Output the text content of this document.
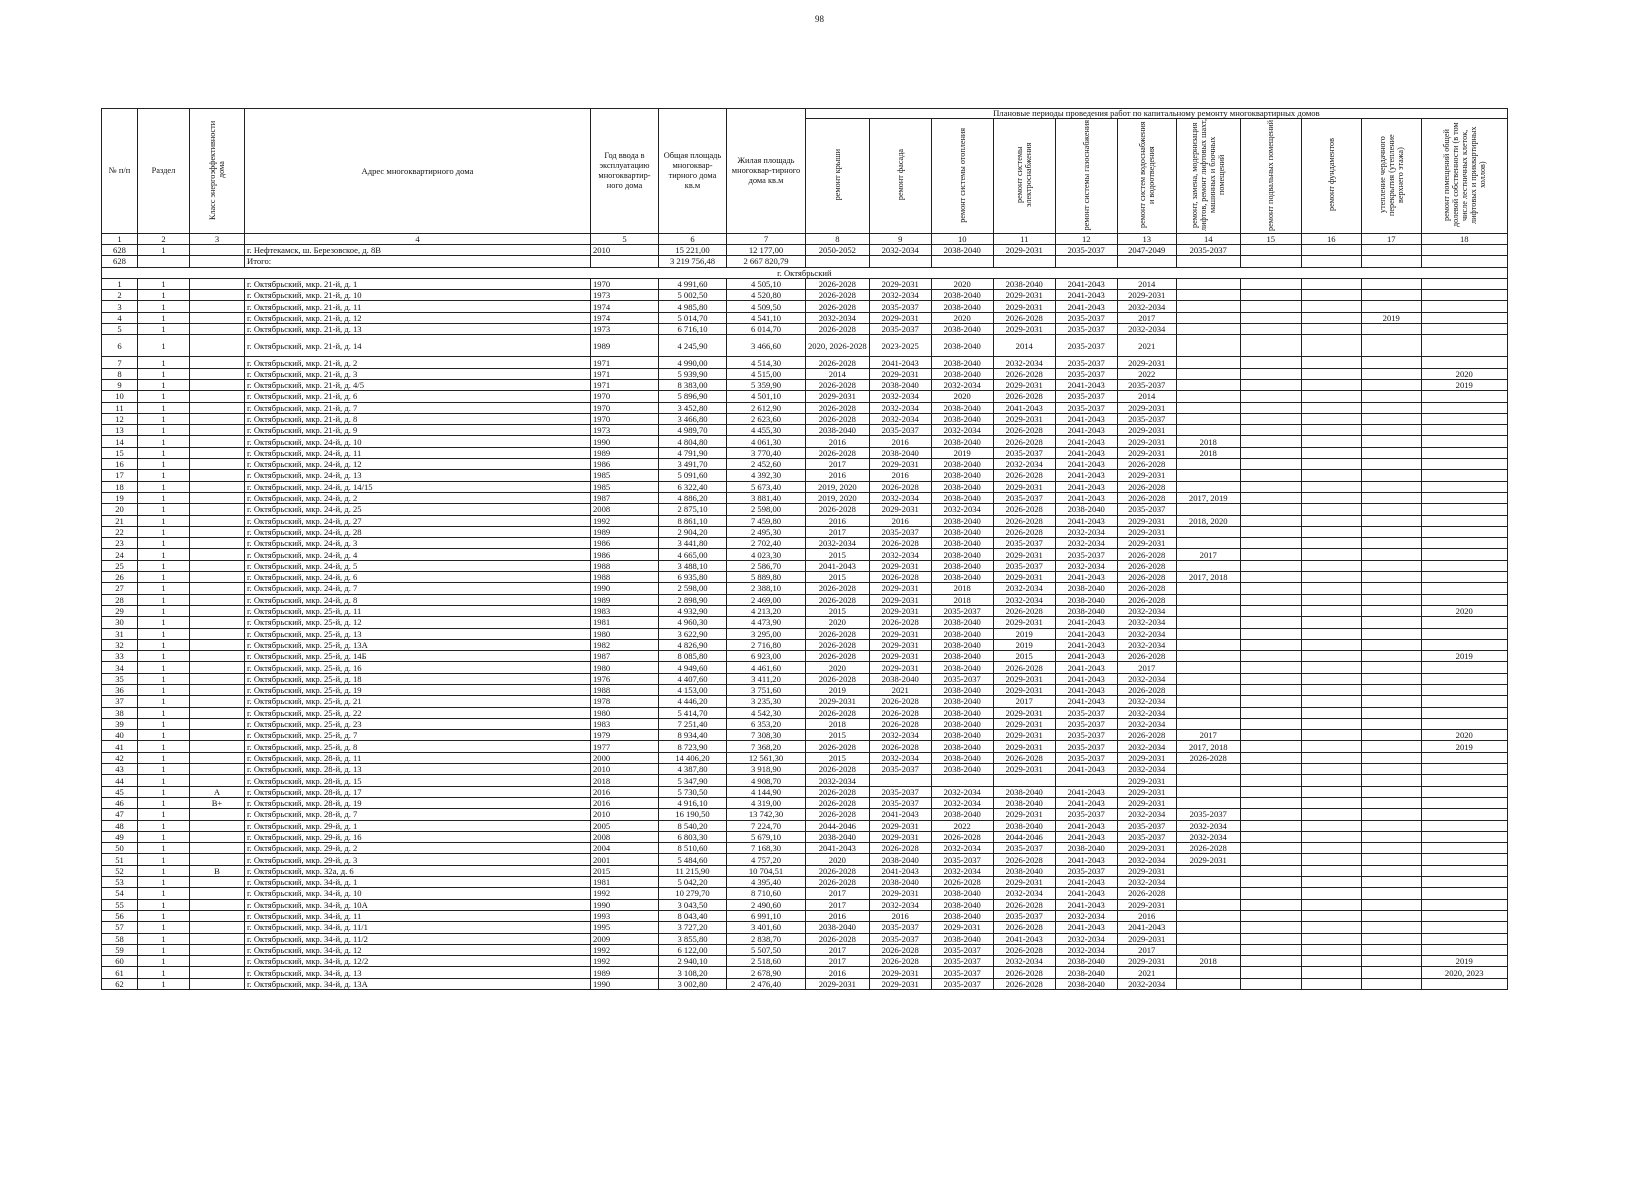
98
№ п/п	Раздел	Класс энергоэффективности дома	Адрес многоквартирного дома	Год ввода в эксплуатацию многоквартир-ного дома	Общая площадь многоквар-тирного дома кв.м	Жилая площадь многоквар-тирного дома кв.м	Плановые периоды проведения работ по капитальному ремонту многоквартирных домов										
							ремонт крыши	ремонт фасада	ремонт системы отопления	ремонт системы электроснабжения	ремонт системы газоснабжения	ремонт систем водоснабжения и водоотведения	ремонт, замена, модернизация лифтов, ремонт лифтовых шахт, машинных и блочных помещений	ремонт подвальных помещений	ремонт фундаментов	утепление чердачного перекрытия (утепление верхнего этажа)	ремонт помещений общей долевой собственности (в том числе лестничных клеток, лифтовых и приквартирных холлов)
1	2	3	4	5	6	7	8	9	10	11	12	13	14	15	16	17	18
628	1		г. Нефтекамск, ш. Березовское, д. 8В	2010	15 221,00	12 177,00	2050-2052	2032-2034	2038-2040	2029-2031	2035-2037	2047-2049	2035-2037				
628			Итого:		3 219 756,48	2 667 820,79											
г. Октябрьский																	
1	1		г. Октябрьский, мкр. 21-й, д. 1	1970	4 991,60	4 505,10	2026-2028	2029-2031	2020	2038-2040	2041-2043	2014					
2	1		г. Октябрьский, мкр. 21-й, д. 10	1973	5 002,50	4 520,80	2026-2028	2032-2034	2038-2040	2029-2031	2041-2043	2029-2031					
3	1		г. Октябрьский, мкр. 21-й, д. 11	1974	4 985,80	4 509,50	2026-2028	2035-2037	2038-2040	2029-2031	2041-2043	2032-2034					
4	1		г. Октябрьский, мкр. 21-й, д. 12	1974	5 014,70	4 541,10	2032-2034	2029-2031	2020	2026-2028	2035-2037	2017				2019	
5	1		г. Октябрьский, мкр. 21-й, д. 13	1973	6 716,10	6 014,70	2026-2028	2035-2037	2038-2040	2029-2031	2035-2037	2032-2034					
6	1		г. Октябрьский, мкр. 21-й, д. 14	1989	4 245,90	3 466,60	2020, 2026-2028	2023-2025	2038-2040	2014	2035-2037	2021					
7	1		г. Октябрьский, мкр. 21-й, д. 2	1971	4 990,00	4 514,30	2026-2028	2041-2043	2038-2040	2032-2034	2035-2037	2029-2031					
8	1		г. Октябрьский, мкр. 21-й, д. 3	1971	5 939,90	4 515,00	2014	2029-2031	2038-2040	2026-2028	2035-2037	2022					2020
9	1		г. Октябрьский, мкр. 21-й, д. 4/5	1971	8 383,00	5 359,90	2026-2028	2038-2040	2032-2034	2029-2031	2041-2043	2035-2037					2019
10	1		г. Октябрьский, мкр. 21-й, д. 6	1970	5 896,90	4 501,10	2029-2031	2032-2034	2020	2026-2028	2035-2037	2014					
11	1		г. Октябрьский, мкр. 21-й, д. 7	1970	3 452,80	2 612,90	2026-2028	2032-2034	2038-2040	2041-2043	2035-2037	2029-2031					
12	1		г. Октябрьский, мкр. 21-й, д. 8	1970	3 466,80	2 623,60	2026-2028	2032-2034	2038-2040	2029-2031	2041-2043	2035-2037					
13	1		г. Октябрьский, мкр. 21-й, д. 9	1973	4 989,70	4 455,30	2038-2040	2035-2037	2032-2034	2026-2028	2041-2043	2029-2031					
14	1		г. Октябрьский, мкр. 24-й, д. 10	1990	4 804,80	4 061,30	2016	2016	2038-2040	2026-2028	2041-2043	2029-2031	2018				
15	1		г. Октябрьский, мкр. 24-й, д. 11	1989	4 791,90	3 770,40	2026-2028	2038-2040	2019	2035-2037	2041-2043	2029-2031	2018				
16	1		г. Октябрьский, мкр. 24-й, д. 12	1986	3 491,70	2 452,60	2017	2029-2031	2038-2040	2032-2034	2041-2043	2026-2028					
17	1		г. Октябрьский, мкр. 24-й, д. 13	1985	5 091,60	4 392,30	2016	2016	2038-2040	2026-2028	2041-2043	2029-2031					
18	1		г. Октябрьский, мкр. 24-й, д. 14/15	1985	6 322,40	5 673,40	2019, 2020	2026-2028	2038-2040	2029-2031	2041-2043	2026-2028					
19	1		г. Октябрьский, мкр. 24-й, д. 2	1987	4 886,20	3 881,40	2019, 2020	2032-2034	2038-2040	2035-2037	2041-2043	2026-2028	2017, 2019				
20	1		г. Октябрьский, мкр. 24-й, д. 25	2008	2 875,10	2 598,00	2026-2028	2029-2031	2032-2034	2026-2028	2038-2040	2035-2037					
21	1		г. Октябрьский, мкр. 24-й, д. 27	1992	8 861,10	7 459,80	2016	2016	2038-2040	2026-2028	2041-2043	2029-2031	2018, 2020				
22	1		г. Октябрьский, мкр. 24-й, д. 28	1989	2 904,20	2 495,30	2017	2035-2037	2038-2040	2026-2028	2032-2034	2029-2031					
23	1		г. Октябрьский, мкр. 24-й, д. 3	1986	3 441,80	2 702,40	2032-2034	2026-2028	2038-2040	2035-2037	2032-2034	2029-2031					
24	1		г. Октябрьский, мкр. 24-й, д. 4	1986	4 665,00	4 023,30	2015	2032-2034	2038-2040	2029-2031	2035-2037	2026-2028	2017				
25	1		г. Октябрьский, мкр. 24-й, д. 5	1988	3 488,10	2 586,70	2041-2043	2029-2031	2038-2040	2035-2037	2032-2034	2026-2028					
26	1		г. Октябрьский, мкр. 24-й, д. 6	1988	6 935,80	5 889,80	2015	2026-2028	2038-2040	2029-2031	2041-2043	2026-2028	2017, 2018				
27	1		г. Октябрьский, мкр. 24-й, д. 7	1990	2 598,00	2 388,10	2026-2028	2029-2031	2018	2032-2034	2038-2040	2026-2028					
28	1		г. Октябрьский, мкр. 24-й, д. 8	1989	2 898,90	2 469,00	2026-2028	2029-2031	2018	2032-2034	2038-2040	2026-2028					
29	1		г. Октябрьский, мкр. 25-й, д. 11	1983	4 932,90	4 213,20	2015	2029-2031	2035-2037	2026-2028	2038-2040	2032-2034					2020
30	1		г. Октябрьский, мкр. 25-й, д. 12	1981	4 960,30	4 473,90	2020	2026-2028	2038-2040	2029-2031	2041-2043	2032-2034					
31	1		г. Октябрьский, мкр. 25-й, д. 13	1980	3 622,90	3 295,00	2026-2028	2029-2031	2038-2040	2019	2041-2043	2032-2034					
32	1		г. Октябрьский, мкр. 25-й, д. 13А	1982	4 826,90	2 716,80	2026-2028	2029-2031	2038-2040	2019	2041-2043	2032-2034					
33	1		г. Октябрьский, мкр. 25-й, д. 14Б	1987	8 085,80	6 923,00	2026-2028	2029-2031	2038-2040	2015	2041-2043	2026-2028					2019
34	1		г. Октябрьский, мкр. 25-й, д. 16	1980	4 949,60	4 461,60	2020	2029-2031	2038-2040	2026-2028	2041-2043	2017					
35	1		г. Октябрьский, мкр. 25-й, д. 18	1976	4 407,60	3 411,20	2026-2028	2038-2040	2035-2037	2029-2031	2041-2043	2032-2034					
36	1		г. Октябрьский, мкр. 25-й, д. 19	1988	4 153,00	3 751,60	2019	2021	2038-2040	2029-2031	2041-2043	2026-2028					
37	1		г. Октябрьский, мкр. 25-й, д. 21	1978	4 446,20	3 235,30	2029-2031	2026-2028	2038-2040	2017	2041-2043	2032-2034					
38	1		г. Октябрьский, мкр. 25-й, д. 22	1980	5 414,70	4 542,30	2026-2028	2026-2028	2038-2040	2029-2031	2035-2037	2032-2034					
39	1		г. Октябрьский, мкр. 25-й, д. 23	1983	7 251,40	6 353,20	2018	2026-2028	2038-2040	2029-2031	2035-2037	2032-2034					
40	1		г. Октябрьский, мкр. 25-й, д. 7	1979	8 934,40	7 308,30	2015	2032-2034	2038-2040	2029-2031	2035-2037	2026-2028	2017				2020
41	1		г. Октябрьский, мкр. 25-й, д. 8	1977	8 723,90	7 368,20	2026-2028	2026-2028	2038-2040	2029-2031	2035-2037	2032-2034	2017, 2018				2019
42	1		г. Октябрьский, мкр. 28-й, д. 11	2000	14 406,20	12 561,30	2015	2032-2034	2038-2040	2026-2028	2035-2037	2029-2031	2026-2028				
43	1		г. Октябрьский, мкр. 28-й, д. 13	2010	4 387,80	3 918,90	2026-2028	2035-2037	2038-2040	2029-2031	2041-2043	2032-2034					
44	1		г. Октябрьский, мкр. 28-й, д. 15	2018	5 347,90	4 908,70	2032-2034					2029-2031					
45	1	А	г. Октябрьский, мкр. 28-й, д. 17	2016	5 730,50	4 144,90	2026-2028	2035-2037	2032-2034	2038-2040	2041-2043	2029-2031					
46	1	В+	г. Октябрьский, мкр. 28-й, д. 19	2016	4 916,10	4 319,00	2026-2028	2035-2037	2032-2034	2038-2040	2041-2043	2029-2031					
47	1		г. Октябрьский, мкр. 28-й, д. 7	2010	16 190,50	13 742,30	2026-2028	2041-2043	2038-2040	2029-2031	2035-2037	2032-2034	2035-2037				
48	1		г. Октябрьский, мкр. 29-й, д. 1	2005	8 540,20	7 224,70	2044-2046	2029-2031	2022	2038-2040	2041-2043	2035-2037	2032-2034				
49	1		г. Октябрьский, мкр. 29-й, д. 16	2008	6 803,30	5 679,10	2038-2040	2029-2031	2026-2028	2044-2046	2041-2043	2035-2037	2032-2034				
50	1		г. Октябрьский, мкр. 29-й, д. 2	2004	8 510,60	7 168,30	2041-2043	2026-2028	2032-2034	2035-2037	2038-2040	2029-2031	2026-2028				
51	1		г. Октябрьский, мкр. 29-й, д. 3	2001	5 484,60	4 757,20	2020	2038-2040	2035-2037	2026-2028	2041-2043	2032-2034	2029-2031				
52	1	В	г. Октябрьский, мкр. 32а, д. 6	2015	11 215,90	10 704,51	2026-2028	2041-2043	2032-2034	2038-2040	2035-2037	2029-2031					
53	1		г. Октябрьский, мкр. 34-й, д. 1	1981	5 042,20	4 395,40	2026-2028	2038-2040	2026-2028	2029-2031	2041-2043	2032-2034					
54	1		г. Октябрьский, мкр. 34-й, д. 10	1992	10 279,70	8 710,60	2017	2029-2031	2038-2040	2032-2034	2041-2043	2026-2028					
55	1		г. Октябрьский, мкр. 34-й, д. 10А	1990	3 043,50	2 490,60	2017	2032-2034	2038-2040	2026-2028	2041-2043	2029-2031					
56	1		г. Октябрьский, мкр. 34-й, д. 11	1993	8 043,40	6 991,10	2016	2016	2038-2040	2035-2037	2032-2034	2016					
57	1		г. Октябрьский, мкр. 34-й, д. 11/1	1995	3 727,20	3 401,60	2038-2040	2035-2037	2029-2031	2026-2028	2041-2043	2041-2043					
58	1		г. Октябрьский, мкр. 34-й, д. 11/2	2009	3 855,80	2 838,70	2026-2028	2035-2037	2038-2040	2041-2043	2032-2034	2029-2031					
59	1		г. Октябрьский, мкр. 34-й, д. 12	1992	6 122,00	5 507,50	2017	2026-2028	2035-2037	2026-2028	2032-2034	2017					
60	1		г. Октябрьский, мкр. 34-й, д. 12/2	1992	2 940,10	2 518,60	2017	2026-2028	2035-2037	2032-2034	2038-2040	2029-2031	2018				2019
61	1		г. Октябрьский, мкр. 34-й, д. 13	1989	3 108,20	2 678,90	2016	2029-2031	2035-2037	2026-2028	2038-2040	2021					2020, 2023
62	1		г. Октябрьский, мкр. 34-й, д. 13А	1990	3 002,80	2 476,40	2029-2031	2029-2031	2035-2037	2026-2028	2038-2040	2032-2034					
